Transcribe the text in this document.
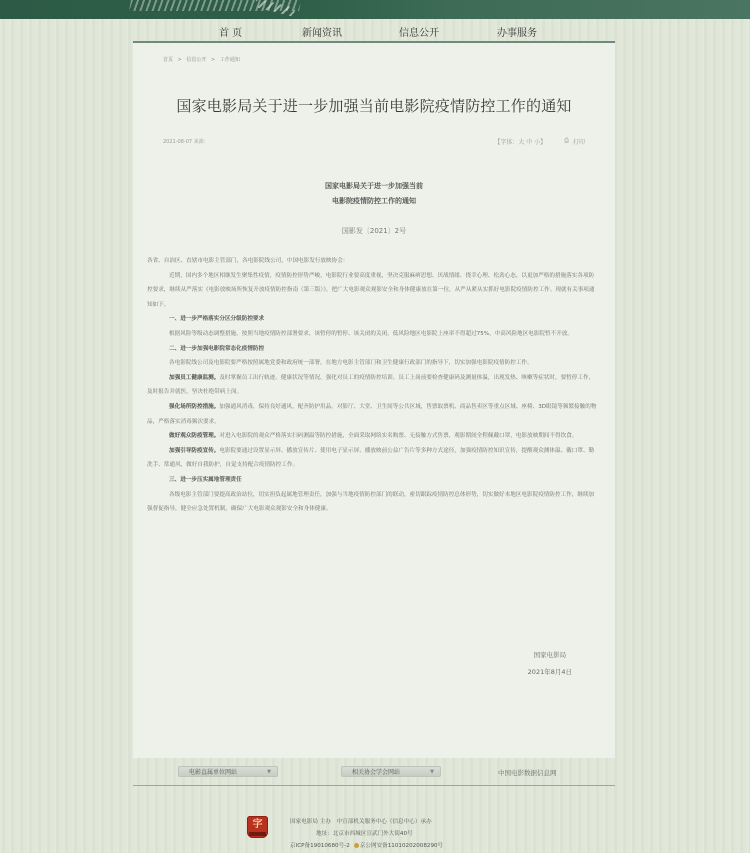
首 页	新闻资讯	信息公开	办事服务
首页 > 信息公开 > 工作通知
国家电影局关于进一步加强当前电影院疫情防控工作的通知
2021-08-07 来源：	【字体：大 中 小】	⎙ 打印
国家电影局关于进一步加强当前
电影院疫情防控工作的通知
国影发〔2021〕2号

各省、自治区、直辖市电影主管部门，各电影院线公司，中国电影发行放映协会：

近期，国内多个地区相继发生聚集性疫情，疫情防控形势严峻。电影院行业要高度重视，坚决克服麻痹思想、厌战情绪、侥幸心理、松劲心态，以更加严格的措施落实各项防控要求，继续从严落实《电影放映场所恢复开放疫情防控指南（第三版）》，把广大电影观众观影安全和身体健康放在第一位，从严从紧从实抓好电影院疫情防控工作。现就有关事项通知如下。

一、进一步严格落实分区分级防控要求

根据风险等级动态调整措施，按照当地疫情防控部署要求，该暂停的暂停、该关闭的关闭。低风险地区电影院上座率不得超过75%，中高风险地区电影院暂不开放。

二、进一步加强电影院常态化疫情防控

各电影院线公司及电影院要严格按照属地党委和政府统一部署，在地方电影主管部门和卫生健康行政部门的指导下，切实加强电影院疫情防控工作。

加强员工健康监测。及时掌握员工出行轨迹、健康状况等情况，强化对员工的疫情防控培训。员工上岗前要检查健康码及测量体温，出现发热、咳嗽等症状时，要暂停工作，及时报告并就医，坚决杜绝带病上岗。

强化场所防控措施。加强通风消毒，保持良好通风，配齐防护用品。对影厅、大堂、卫生间等公共区域，售票取票机、商品售卖区等重点区域、座椅、3D眼镜等频繁接触的物品，严格落实消毒频次要求。

做好观众防疫管理。对进入电影院的观众严格落实扫码测温等防控措施，全面采取网络实名购票、无接触方式售票，观影期间全程佩戴口罩，电影放映期间不得饮食。

加强引导防疫宣传。电影院要通过设置显示屏、播放宣传片、使用电子显示屏、播放映前公益广告片等多种方式途径，加强疫情防控知识宣传，提醒观众测体温、戴口罩、勤洗手、常通风，做好自我防护，自觉支持配合疫情防控工作。

三、进一步压实属地管理责任

各级电影主管部门要提高政治站位，切实担负起属地管理责任，加强与当地疫情防控部门的联动，密切跟踪疫情防控总体形势，切实做好本地区电影院疫情防控工作，继续加强督促指导，健全应急处置机制，确保广大电影观众观影安全和身体健康。

国家电影局
2021年8月4日
电影直属单位网站	▼	相关协会学会网站	▼	中国电影数据信息网
字	国家电影局 主办　中宣部机关服务中心（信息中心）承办
地址：北京市西城区宣武门外大街40号
京ICP备19010680号-2 京公网安备11010202008290号
